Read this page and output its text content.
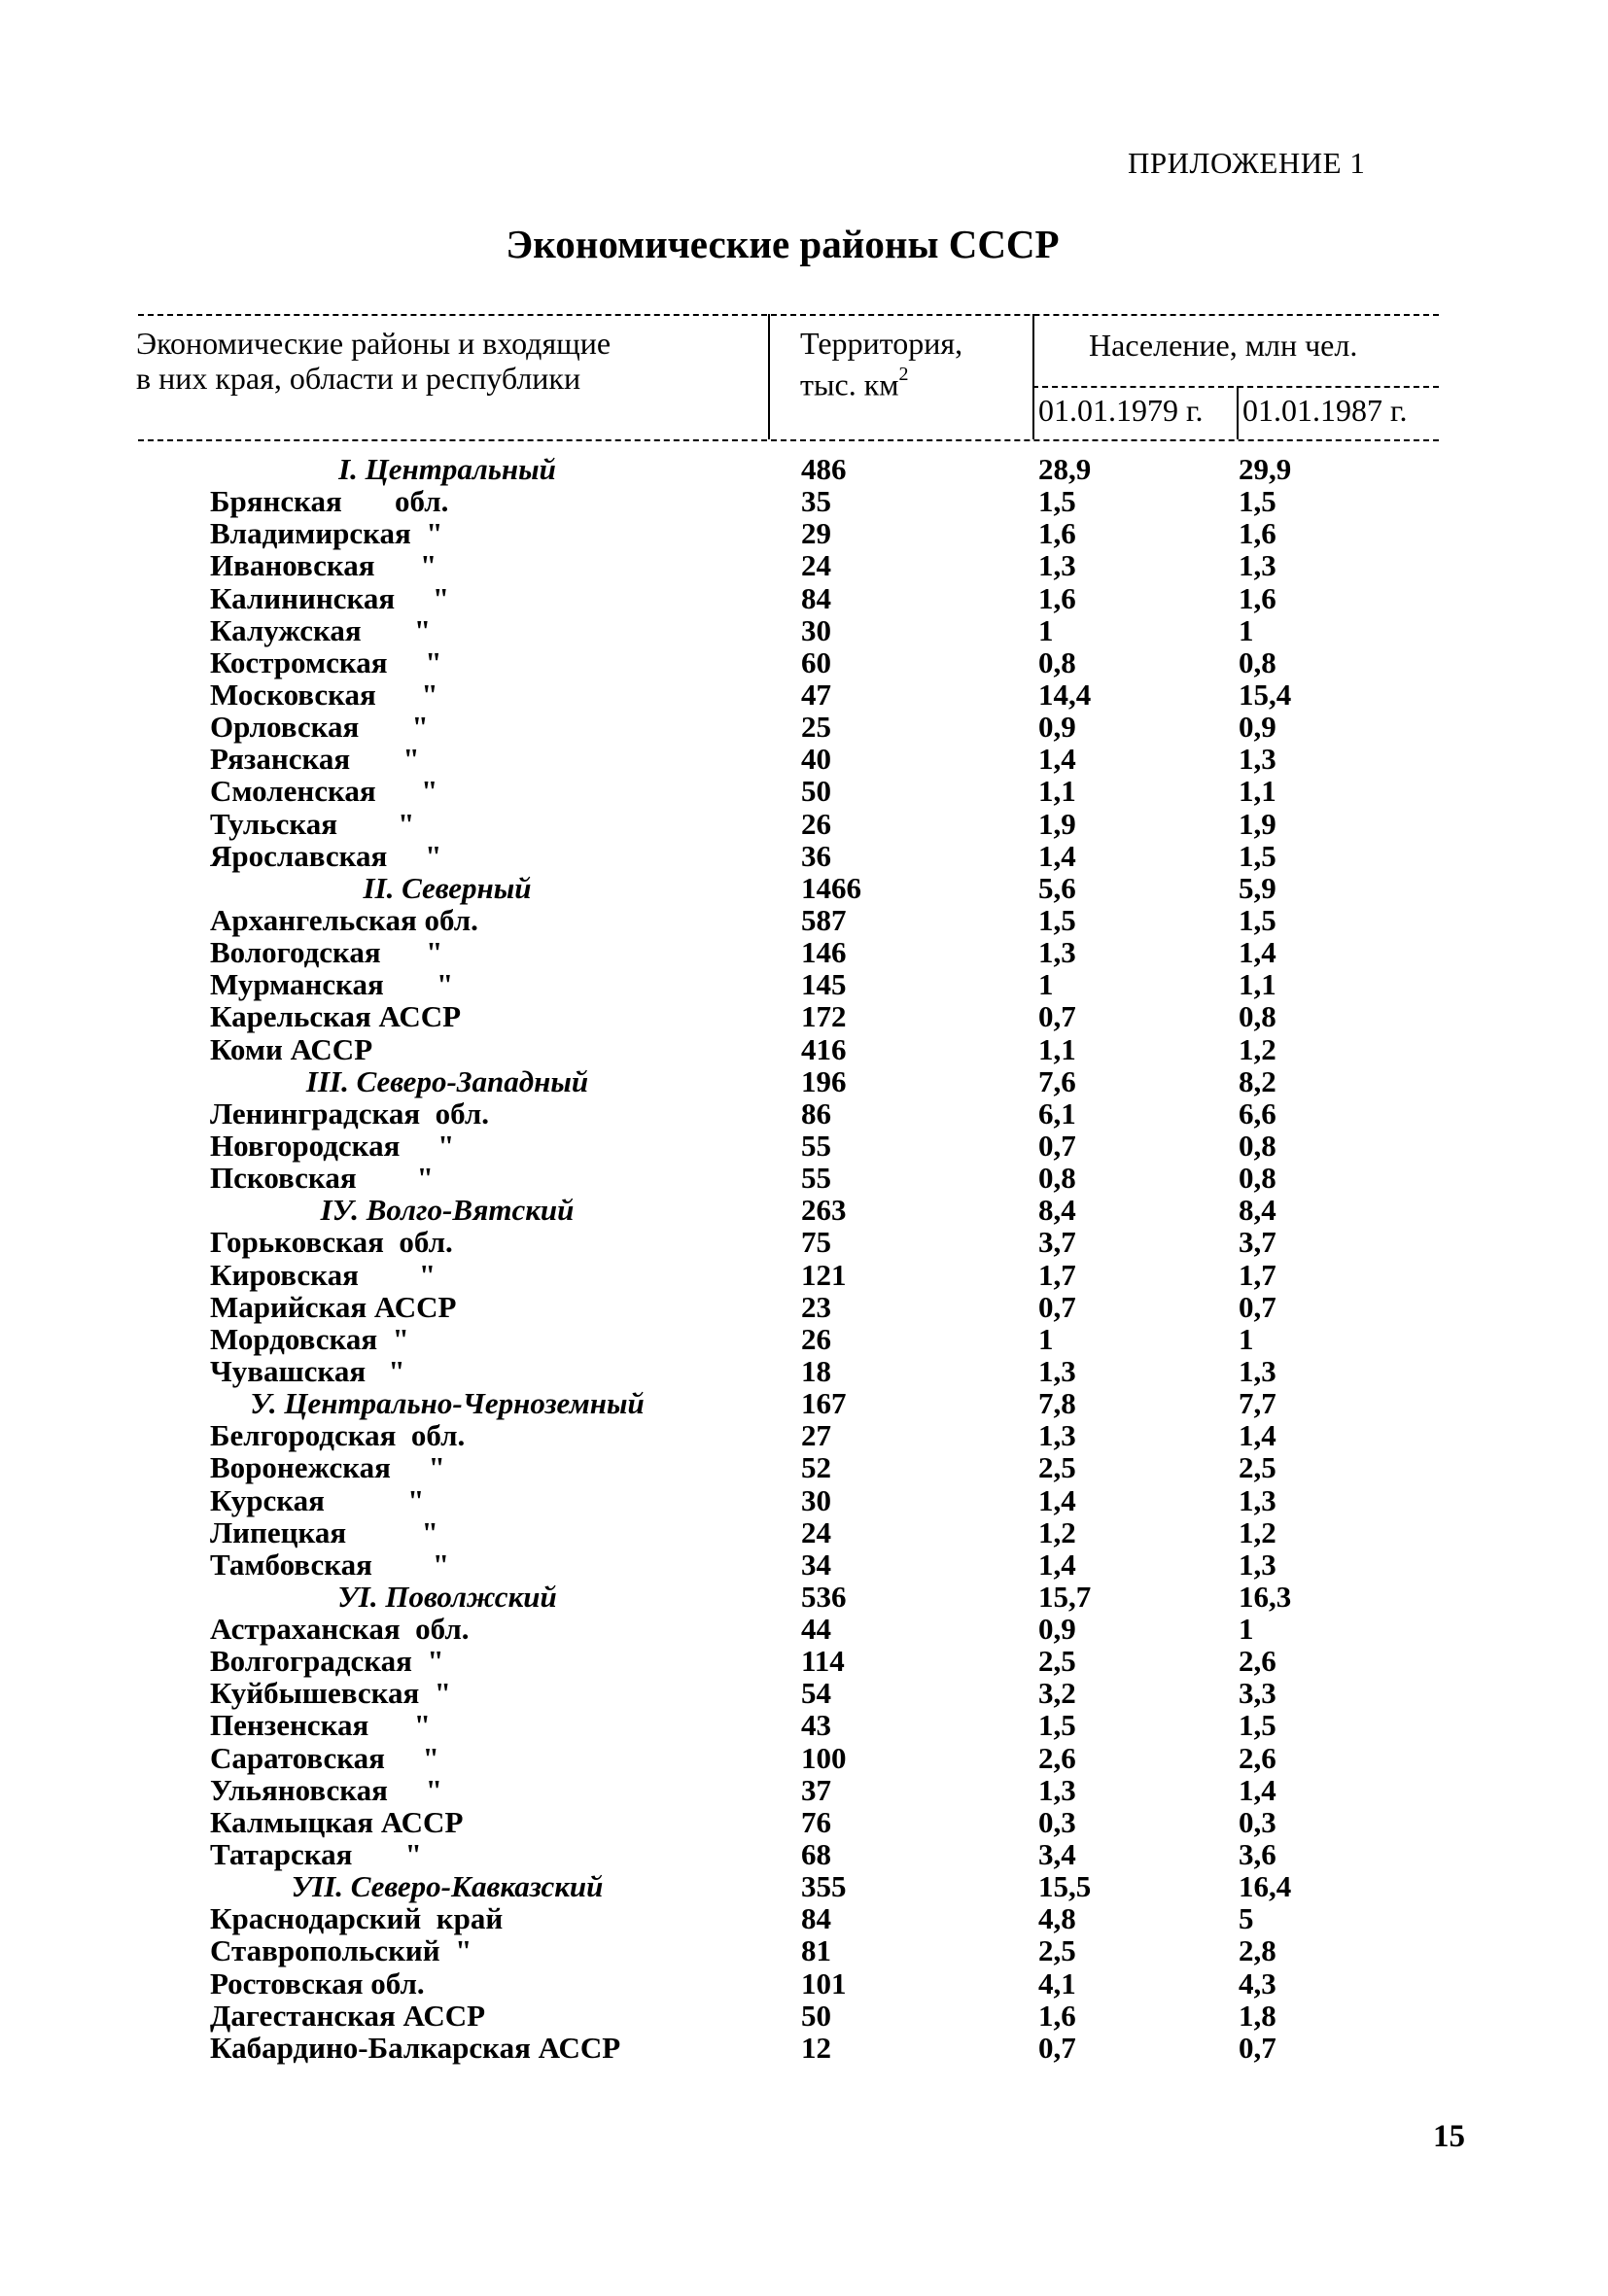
ПРИЛОЖЕНИЕ 1
Экономические районы СССР
Экономические районы и входящие
в них края, области и республики
Территория,
тыс. $км^2$
Население, млн чел.
01.01.1979 г. 01.01.1987 г.
I. Центральный	486	28,9	29,9
Брянская       обл.	35	1,5	1,5
Владимирская  "	29	1,6	1,6
Ивановская      "	24	1,3	1,3
Калининская     "	84	1,6	1,6
Калужская       "	30	1	1
Костромская     "	60	0,8	0,8
Московская      "	47	14,4	15,4
Орловская       "	25	0,9	0,9
Рязанская       "	40	1,4	1,3
Смоленская      "	50	1,1	1,1
Тульская        "	26	1,9	1,9
Ярославская     "	36	1,4	1,5
II. Северный	1466	5,6	5,9
Архангельская обл.	587	1,5	1,5
Вологодская      "	146	1,3	1,4
Мурманская       "	145	1	1,1
Карельская АССР	172	0,7	0,8
Коми АССР	416	1,1	1,2
III. Северо-Западный	196	7,6	8,2
Ленинградская  обл.	86	6,1	6,6
Новгородская     "	55	0,7	0,8
Псковская        "	55	0,8	0,8
IУ. Волго-Вятский	263	8,4	8,4
Горьковская  обл.	75	3,7	3,7
Кировская        "	121	1,7	1,7
Марийская АССР	23	0,7	0,7
Мордовская  "	26	1	1
Чувашская   "	18	1,3	1,3
У. Центрально-Черноземный	167	7,8	7,7
Белгородская  обл.	27	1,3	1,4
Воронежская     "	52	2,5	2,5
Курская           "	30	1,4	1,3
Липецкая          "	24	1,2	1,2
Тамбовская        "	34	1,4	1,3
УI. Поволжский	536	15,7	16,3
Астраханская  обл.	44	0,9	1
Волгоградская  "	114	2,5	2,6
Куйбышевская  "	54	3,2	3,3
Пензенская      "	43	1,5	1,5
Саратовская     "	100	2,6	2,6
Ульяновская     "	37	1,3	1,4
Калмыцкая АССР	76	0,3	0,3
Татарская       "	68	3,4	3,6
УII. Северо-Кавказский	355	15,5	16,4
Краснодарский  край	84	4,8	5
Ставропольский  "	81	2,5	2,8
Ростовская обл.	101	4,1	4,3
Дагестанская АССР	50	1,6	1,8
Кабардино-Балкарская АССР	12	0,7	0,7
15
